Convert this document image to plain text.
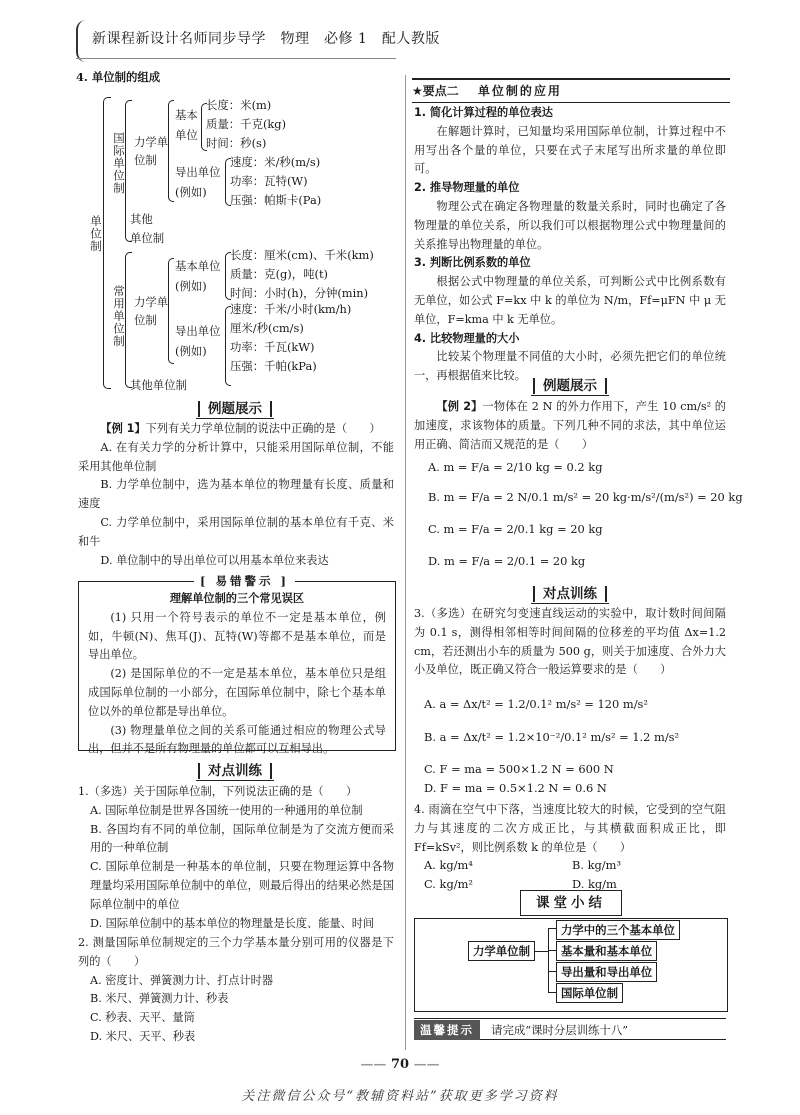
新课程新设计名师同步导学　物理　必修 1　配人教版
4. 单位制的组成
单位制
国际单位制 力学单位制
基本
单位
长度：米(m)
质量：千克(kg)
时间：秒(s)
导出单位
(例如)
速度：米/秒(m/s)
功率：瓦特(W)
压强：帕斯卡(Pa)
其他
单位制
常用单位制 力学单位制
基本单位
(例如)
长度：厘米(cm)、千米(km)
质量：克(g)，吨(t)
时间：小时(h)，分钟(min)
导出单位
(例如)
速度：千米/小时(km/h)
厘米/秒(cm/s)
功率：千瓦(kW)
压强：千帕(kPa)
其他单位制
例题展示
【例 1】下列有关力学单位制的说法中正确的是（　　）
A. 在有关力学的分析计算中，只能采用国际单位制，不能采用其他单位制
B. 力学单位制中，选为基本单位的物理量有长度、质量和速度
C. 力学单位制中，采用国际单位制的基本单位有千克、米和牛
D. 单位制中的导出单位可以用基本单位来表达
[ 易错警示 ]
理解单位制的三个常见误区
(1) 只用一个符号表示的单位不一定是基本单位，例如，牛顿(N)、焦耳(J)、瓦特(W)等都不是基本单位，而是导出单位。
(2) 是国际单位的不一定是基本单位，基本单位只是组成国际单位制的一小部分，在国际单位制中，除七个基本单位以外的单位都是导出单位。
(3) 物理量单位之间的关系可能通过相应的物理公式导出，但并不是所有物理量的单位都可以互相导出。
对点训练
1.（多选）关于国际单位制，下列说法正确的是（　　）
A. 国际单位制是世界各国统一使用的一种通用的单位制
B. 各国均有不同的单位制，国际单位制是为了交流方便而采用的一种单位制
C. 国际单位制是一种基本的单位制，只要在物理运算中各物理量均采用国际单位制中的单位，则最后得出的结果必然是国际单位制中的单位
D. 国际单位制中的基本单位的物理量是长度、能量、时间
2. 测量国际单位制规定的三个力学基本量分别可用的仪器是下列的（　　）
A. 密度计、弹簧测力计、打点计时器
B. 米尺、弹簧测力计、秒表
C. 秒表、天平、量筒
D. 米尺、天平、秒表
★要点二 单位制的应用
1. 简化计算过程的单位表达
在解题计算时，已知量均采用国际单位制，计算过程中不用写出各个量的单位，只要在式子末尾写出所求量的单位即可。
2. 推导物理量的单位
物理公式在确定各物理量的数量关系时，同时也确定了各物理量的单位关系，所以我们可以根据物理公式中物理量间的关系推导出物理量的单位。
3. 判断比例系数的单位
根据公式中物理量的单位关系，可判断公式中比例系数有无单位，如公式 F=kx 中 k 的单位为 N/m，Ff=μFN 中 μ 无单位，F=kma 中 k 无单位。
4. 比较物理量的大小
比较某个物理量不同值的大小时，必须先把它们的单位统一，再根据值来比较。
例题展示
【例 2】一物体在 2 N 的外力作用下，产生 10 cm/s² 的加速度，求该物体的质量。下列几种不同的求法，其中单位运用正确、简洁而又规范的是（　　）
A. m = F/a = 2/10 kg = 0.2 kg
B. m = F/a = 2 N/0.1 m/s² = 20 kg·m/s²/(m/s²) = 20 kg
C. m = F/a = 2/0.1 kg = 20 kg
D. m = F/a = 2/0.1 = 20 kg
对点训练
3.（多选）在研究匀变速直线运动的实验中，取计数时间间隔为 0.1 s，测得相邻相等时间间隔的位移差的平均值 Δx=1.2 cm，若还测出小车的质量为 500 g，则关于加速度、合外力大小及单位，既正确又符合一般运算要求的是（　　）
A. a = Δx/t² = 1.2/0.1² m/s² = 120 m/s²
B. a = Δx/t² = 1.2×10⁻²/0.1² m/s² = 1.2 m/s²
C. F = ma = 500×1.2 N = 600 N
D. F = ma = 0.5×1.2 N = 0.6 N
4. 雨滴在空气中下落，当速度比较大的时候，它受到的空气阻力与其速度的二次方成正比，与其横截面积成正比，即 Ff=kSv²，则比例系数 k 的单位是（　　）
A. kg/m⁴	B. kg/m³
C. kg/m²	D. kg/m
课堂小结
力学单位制
力学中的三个基本单位
基本量和基本单位
导出量和导出单位
国际单位制
温馨提示 请完成“课时分层训练十八”
—— 70 ——
关注微信公众号“教辅资料站”获取更多学习资料
